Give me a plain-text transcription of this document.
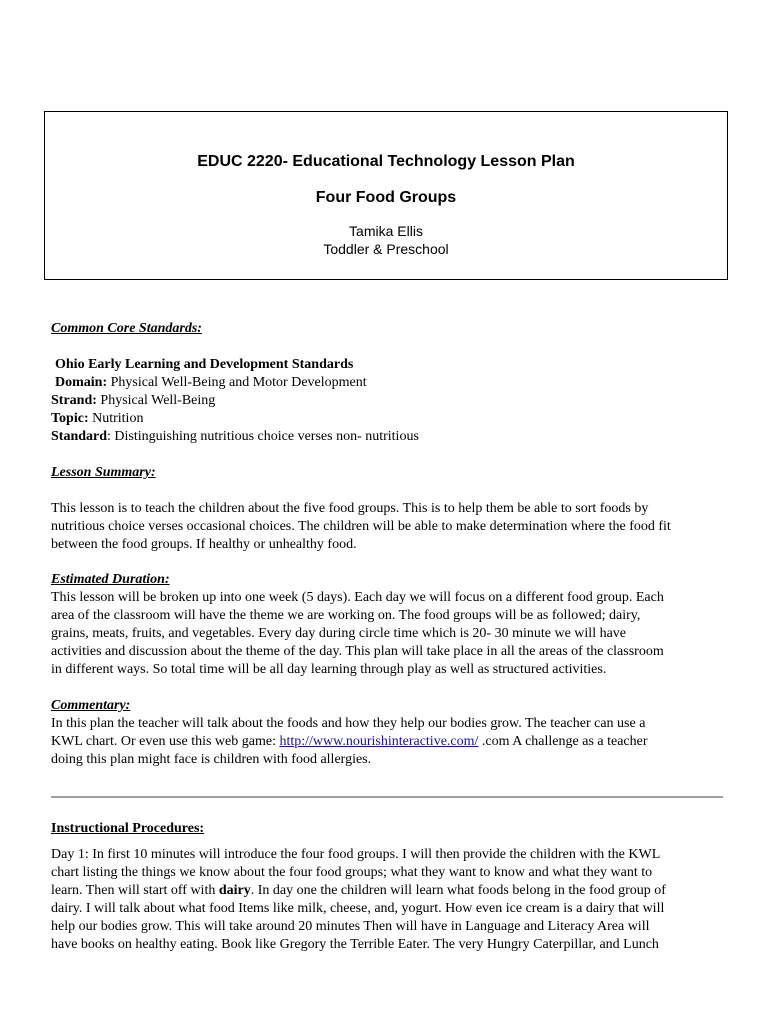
EDUC 2220- Educational Technology Lesson Plan
Four Food Groups
Tamika Ellis
Toddler & Preschool
Common Core Standards:
Ohio Early Learning and Development Standards
Domain: Physical Well-Being and Motor Development
Strand: Physical Well-Being
Topic: Nutrition
Standard: Distinguishing nutritious choice verses non- nutritious
Lesson Summary:
This lesson is to teach the children about the five food groups. This is to help them be able to sort foods by
nutritious choice verses occasional choices. The children will be able to make determination where the food fit
between the food groups. If healthy or unhealthy food.
Estimated Duration:
This lesson will be broken up into one week (5 days). Each day we will focus on a different food group. Each
area of the classroom will have the theme we are working on. The food groups will be as followed; dairy,
grains, meats, fruits, and vegetables. Every day during circle time which is 20- 30 minute we will have
activities and discussion about the theme of the day. This plan will take place in all the areas of the classroom
in different ways. So total time will be all day learning through play as well as structured activities.
Commentary:
In this plan the teacher will talk about the foods and how they help our bodies grow. The teacher can use a
KWL chart. Or even use this web game: http://www.nourishinteractive.com/ .com A challenge as a teacher
doing this plan might face is children with food allergies.
Instructional Procedures:
Day 1: In first 10 minutes will introduce the four food groups. I will then provide the children with the KWL
chart listing the things we know about the four food groups; what they want to know and what they want to
learn. Then will start off with dairy. In day one the children will learn what foods belong in the food group of
dairy. I will talk about what food Items like milk, cheese, and, yogurt. How even ice cream is a dairy that will
help our bodies grow. This will take around 20 minutes Then will have in Language and Literacy Area will
have books on healthy eating. Book like Gregory the Terrible Eater. The very Hungry Caterpillar, and Lunch
